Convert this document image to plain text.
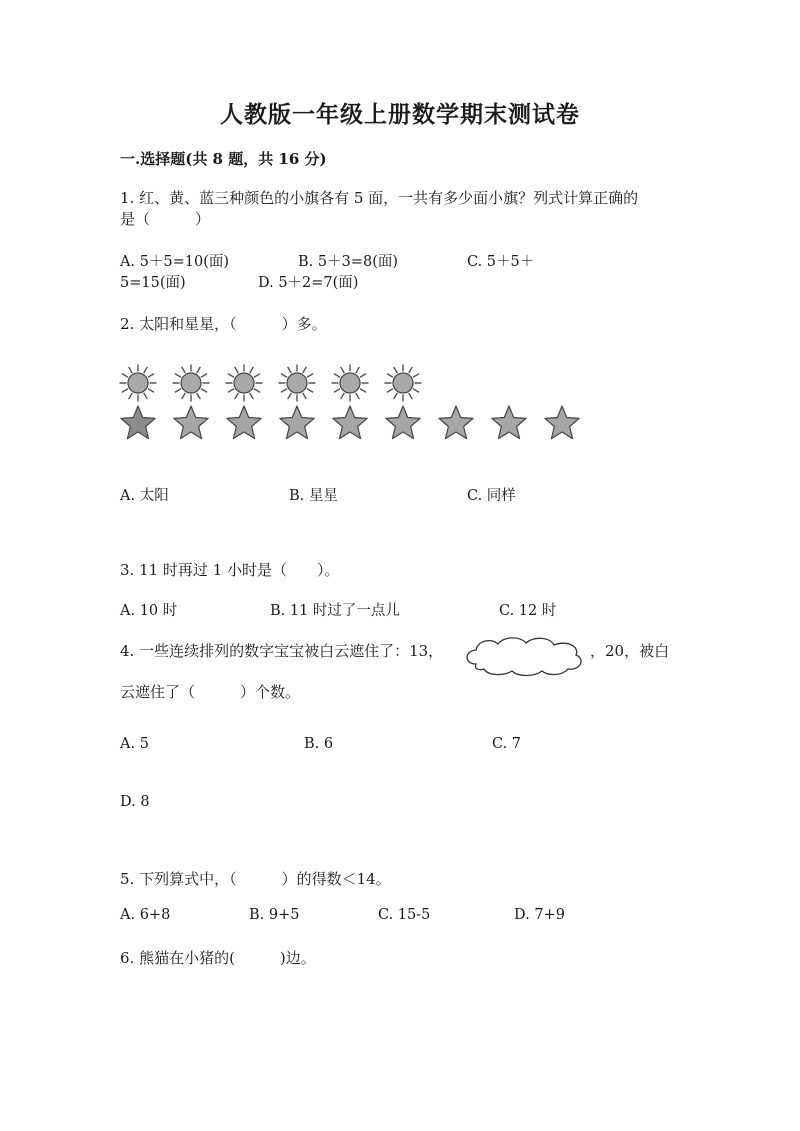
人教版一年级上册数学期末测试卷
一.选择题(共 8 题，共 16 分)
1. 红、黄、蓝三种颜色的小旗各有 5 面，一共有多少面小旗？列式计算正确的
是（　　　）
A. 5＋5=10(面)	B. 5＋3=8(面)	C. 5＋5＋
5=15(面)	D. 5＋2=7(面)
2. 太阳和星星，（　　　）多。
A. 太阳	B. 星星	C. 同样
3. 11 时再过 1 小时是（　　）。
A. 10 时	B. 11 时过了一点儿	C. 12 时
4. 一些连续排列的数字宝宝被白云遮住了：13，	，20，被白
云遮住了（　　　）个数。
A. 5	B. 6	C. 7
D. 8
5. 下列算式中，（　　　）的得数＜14。
A. 6+8	B. 9+5	C. 15-5	D. 7+9
6. 熊猫在小猪的(　　　)边。
